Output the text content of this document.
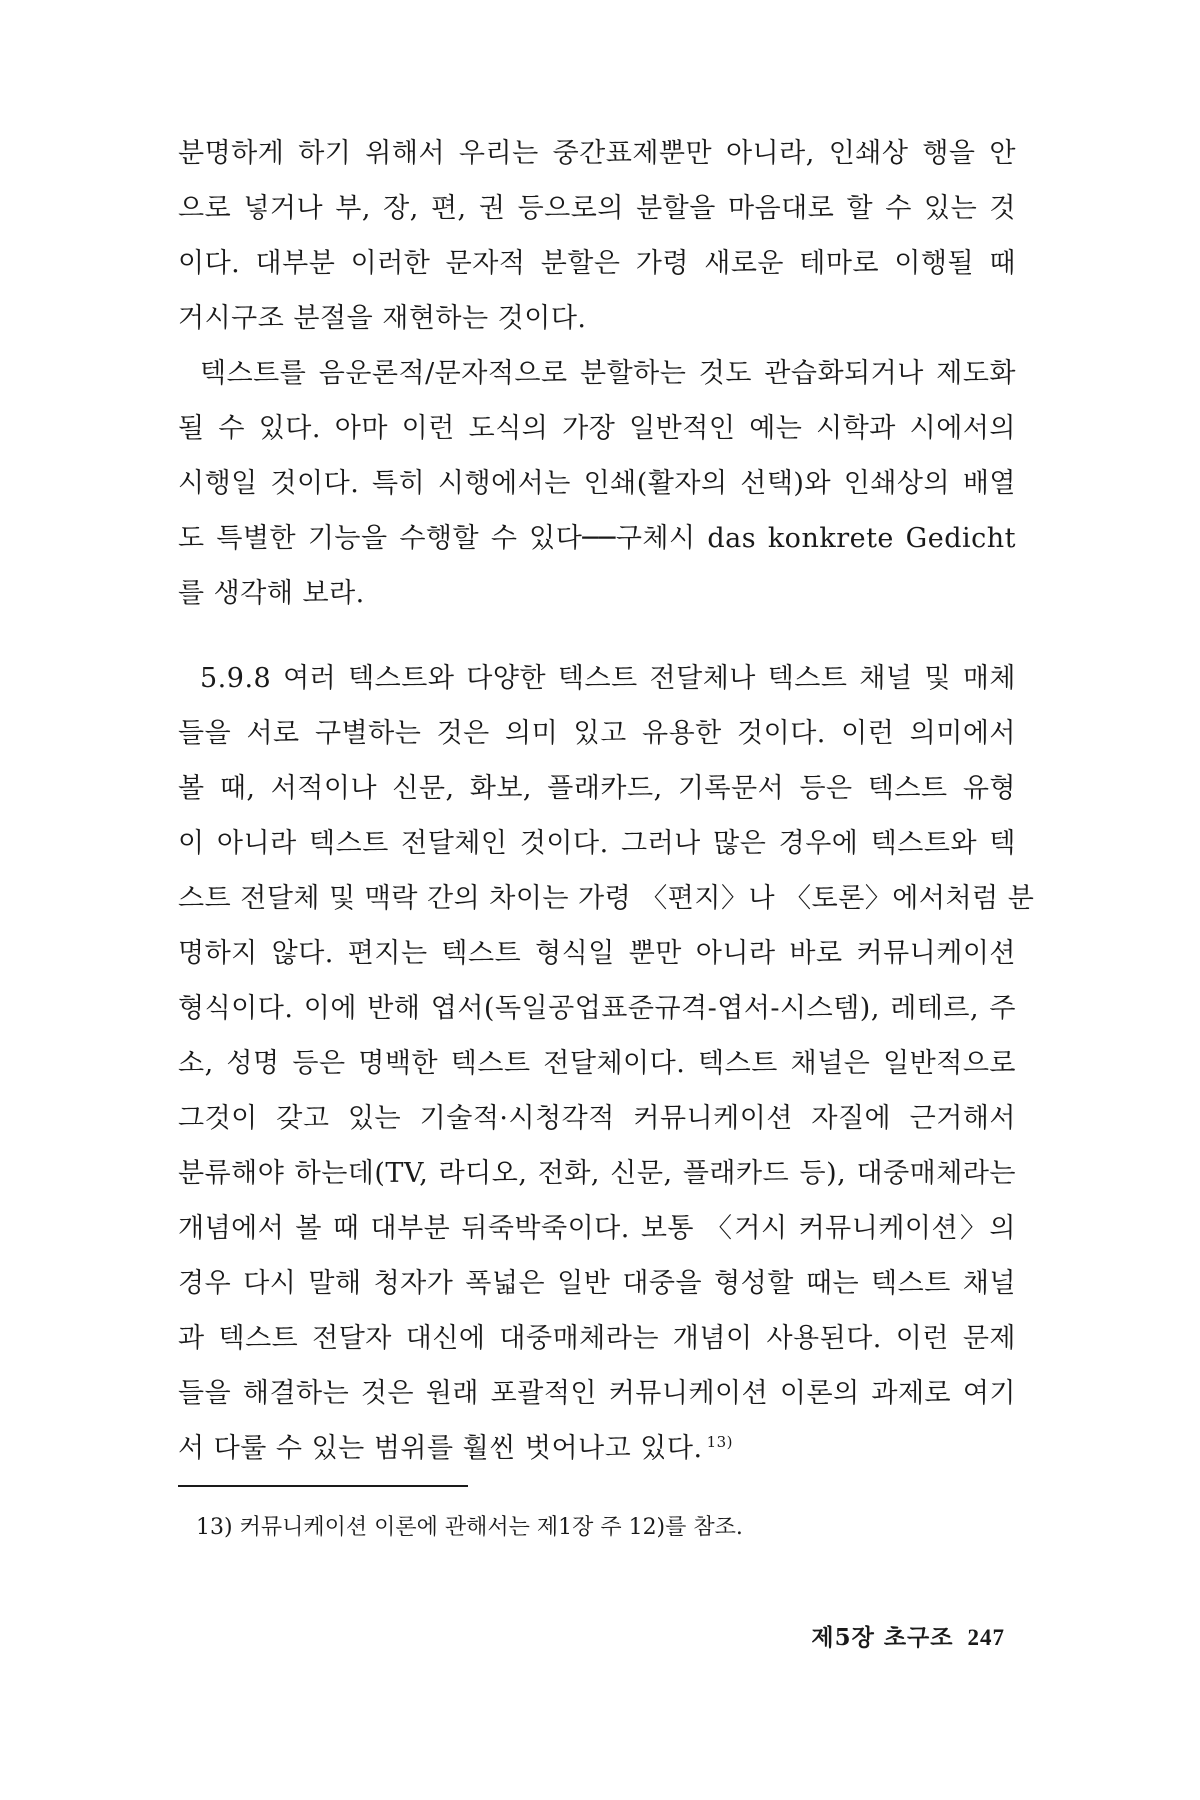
분명하게 하기 위해서 우리는 중간표제뿐만 아니라, 인쇄상 행을 안
으로 넣거나 부, 장, 편, 권 등으로의 분할을 마음대로 할 수 있는 것
이다. 대부분 이러한 문자적 분할은 가령 새로운 테마로 이행될 때
거시구조 분절을 재현하는 것이다.
텍스트를 음운론적/문자적으로 분할하는 것도 관습화되거나 제도화
될 수 있다. 아마 이런 도식의 가장 일반적인 예는 시학과 시에서의
시행일 것이다. 특히 시행에서는 인쇄(활자의 선택)와 인쇄상의 배열
도 특별한 기능을 수행할 수 있다──구체시 das konkrete Gedicht
를 생각해 보라.
5.9.8 여러 텍스트와 다양한 텍스트 전달체나 텍스트 채널 및 매체
들을 서로 구별하는 것은 의미 있고 유용한 것이다. 이런 의미에서
볼 때, 서적이나 신문, 화보, 플래카드, 기록문서 등은 텍스트 유형
이 아니라 텍스트 전달체인 것이다. 그러나 많은 경우에 텍스트와 텍
스트 전달체 및 맥락 간의 차이는 가령 〈편지〉나 〈토론〉에서처럼 분
명하지 않다. 편지는 텍스트 형식일 뿐만 아니라 바로 커뮤니케이션
형식이다. 이에 반해 엽서(독일공업표준규격-엽서-시스템), 레테르, 주
소, 성명 등은 명백한 텍스트 전달체이다. 텍스트 채널은 일반적으로
그것이 갖고 있는 기술적·시청각적 커뮤니케이션 자질에 근거해서
분류해야 하는데(TV, 라디오, 전화, 신문, 플래카드 등), 대중매체라는
개념에서 볼 때 대부분 뒤죽박죽이다. 보통 〈거시 커뮤니케이션〉의
경우 다시 말해 청자가 폭넓은 일반 대중을 형성할 때는 텍스트 채널
과 텍스트 전달자 대신에 대중매체라는 개념이 사용된다. 이런 문제
들을 해결하는 것은 원래 포괄적인 커뮤니케이션 이론의 과제로 여기
서 다룰 수 있는 범위를 훨씬 벗어나고 있다. $^{13)}$
13) 커뮤니케이션 이론에 관해서는 제1장 주 12)를 참조.
제5장 초구조 247
